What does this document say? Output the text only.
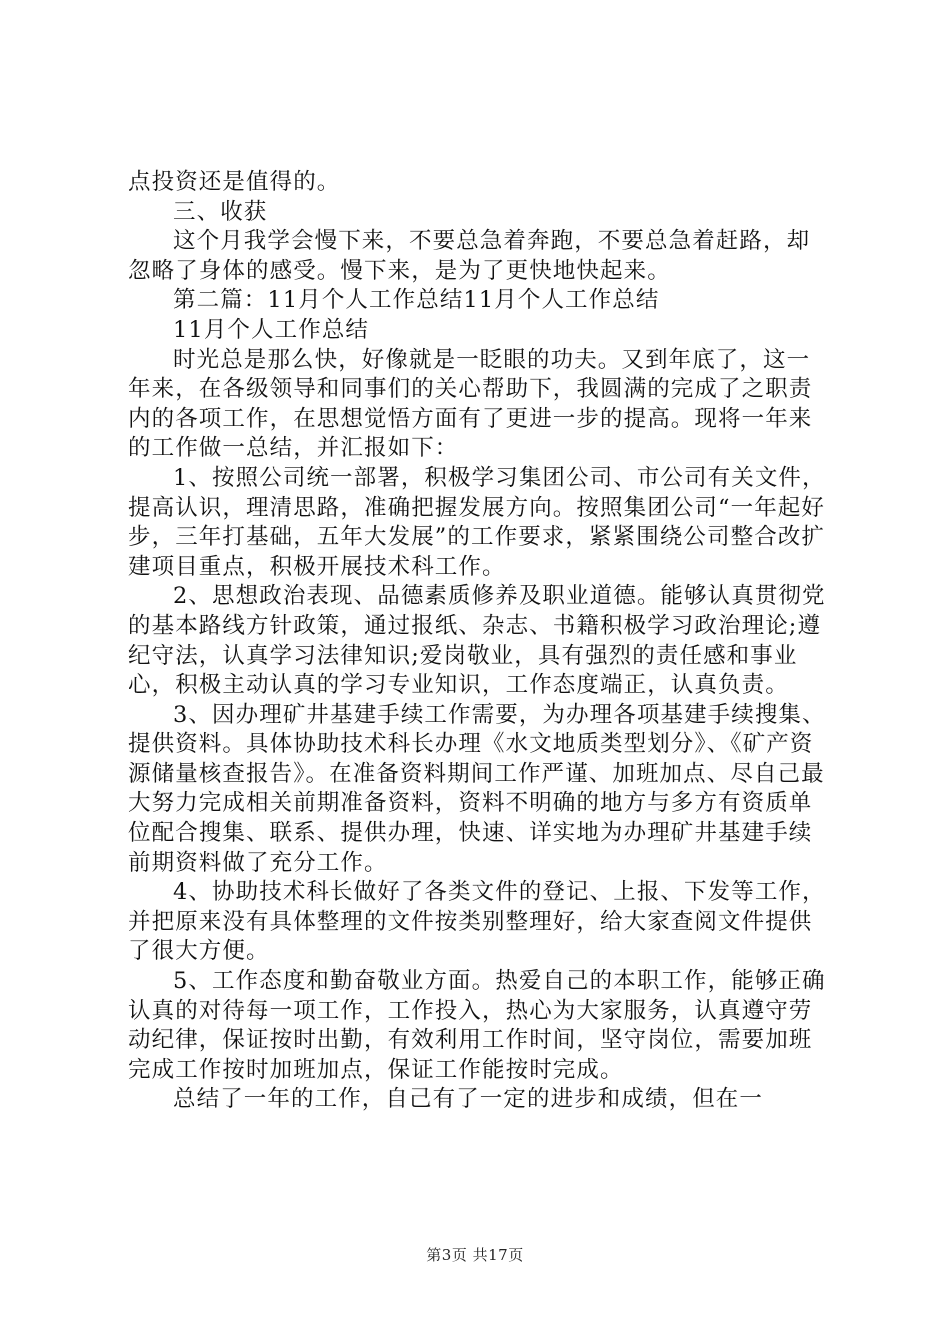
点投资还是值得的。

三、收获

这个月我学会慢下来，不要总急着奔跑，不要总急着赶路，却忽略了身体的感受。慢下来，是为了更快地快起来。

第二篇：11月个人工作总结11月个人工作总结

11月个人工作总结

时光总是那么快，好像就是一眨眼的功夫。又到年底了，这一年来，在各级领导和同事们的关心帮助下，我圆满的完成了之职责内的各项工作，在思想觉悟方面有了更进一步的提高。现将一年来的工作做一总结，并汇报如下：

1、按照公司统一部署，积极学习集团公司、市公司有关文件，提高认识，理清思路，准确把握发展方向。按照集团公司“一年起好步，三年打基础，五年大发展”的工作要求，紧紧围绕公司整合改扩建项目重点，积极开展技术科工作。

2、思想政治表现、品德素质修养及职业道德。能够认真贯彻党的基本路线方针政策，通过报纸、杂志、书籍积极学习政治理论;遵纪守法，认真学习法律知识;爱岗敬业，具有强烈的责任感和事业心，积极主动认真的学习专业知识，工作态度端正，认真负责。

3、因办理矿井基建手续工作需要，为办理各项基建手续搜集、提供资料。具体协助技术科长办理《水文地质类型划分》、《矿产资源储量核查报告》。在准备资料期间工作严谨、加班加点、尽自己最大努力完成相关前期准备资料，资料不明确的地方与多方有资质单位配合搜集、联系、提供办理，快速、详实地为办理矿井基建手续前期资料做了充分工作。

4、协助技术科长做好了各类文件的登记、上报、下发等工作，并把原来没有具体整理的文件按类别整理好，给大家查阅文件提供了很大方便。

5、工作态度和勤奋敬业方面。热爱自己的本职工作，能够正确认真的对待每一项工作，工作投入，热心为大家服务，认真遵守劳动纪律，保证按时出勤，有效利用工作时间，坚守岗位，需要加班完成工作按时加班加点，保证工作能按时完成。

总结了一年的工作，自己有了一定的进步和成绩，但在一

第3页 共17页
